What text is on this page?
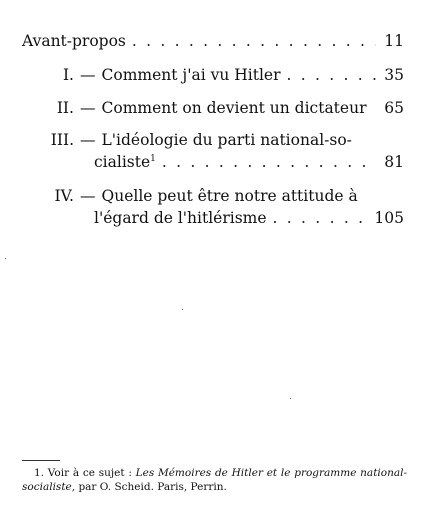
Avant-propos . . .	11
I. — Comment j'ai vu Hitler . . .	35
II. — Comment on devient un dictateur 65
III. — L'idéologie du parti national-so-
cialiste$^1$ . . .	81
IV. — Quelle peut être notre attitude à
l'égard de l'hitlérisme . . .	105
1. Voir à ce sujet : Les Mémoires de Hitler et le programme national-socialiste, par O. Scheid. Paris, Perrin.
